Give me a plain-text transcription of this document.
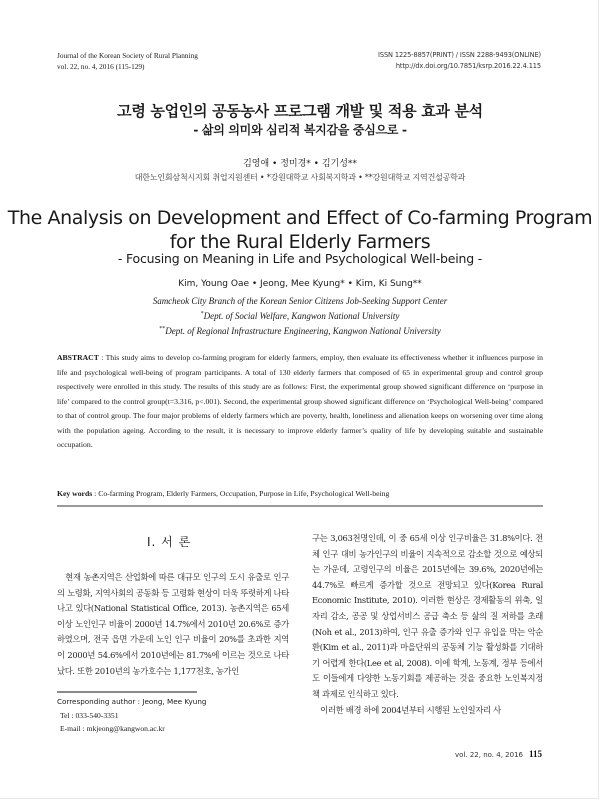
Journal of the Korean Society of Rural Planning
vol. 22, no. 4, 2016 (115-129)
ISSN 1225-8857(PRINT) / ISSN 2288-9493(ONLINE)
http://dx.doi.org/10.7851/ksrp.2016.22.4.115
고령 농업인의 공동농사 프로그램 개발 및 적용 효과 분석
- 삶의 의미와 심리적 복지감을 중심으로 -
김영애 • 정미경* • 김기성**
대한노인회삼척시지회 취업지원센터 • *강원대학교 사회복지학과 • **강원대학교 지역건설공학과
The Analysis on Development and Effect of Co-farming Program
for the Rural Elderly Farmers
- Focusing on Meaning in Life and Psychological Well-being -
Kim, Young Oae • Jeong, Mee Kyung* • Kim, Ki Sung**
Samcheok City Branch of the Korean Senior Citizens Job-Seeking Support Center
*Dept. of Social Welfare, Kangwon National University
**Dept. of Regional Infrastructure Engineering, Kangwon National University
ABSTRACT : This study aims to develop co-farming program for elderly farmers, employ, then evaluate its effectiveness whether it influences purpose in life and psychological well-being of program participants. A total of 130 elderly farmers that composed of 65 in experimental group and control group respectively were enrolled in this study. The results of this study are as follows: First, the experimental group showed significant difference on ‘purpose in life’ compared to the control group(t=3.316, p<.001). Second, the experimental group showed significant difference on ‘Psychological Well-being’ compared to that of control group. The four major problems of elderly farmers which are poverty, health, loneliness and alienation keeps on worsening over time along with the population ageing. According to the result, it is necessary to improve elderly farmer’s quality of life by developing suitable and sustainable occupation.
Key words : Co-farming Program, Elderly Farmers, Occupation, Purpose in Life, Psychological Well-being
I. 서 론

현재 농촌지역은 산업화에 따른 대규모 인구의 도시 유출로 인구의 노령화, 지역사회의 공동화 등 고령화 현상이 더욱 뚜렷하게 나타나고 있다(National Statistical Office, 2013). 농촌지역은 65세 이상 노인인구 비율이 2000년 14.7%에서 2010년 20.6%로 증가하였으며, 전국 읍면 가운데 노인 인구 비율이 20%를 초과한 지역이 2000년 54.6%에서 2010년에는 81.7%에 이르는 것으로 나타났다. 또한 2010년의 농가호수는 1,177천호, 농가인

구는 3,063천명인데, 이 중 65세 이상 인구비율은 31.8%이다. 전체 인구 대비 농가인구의 비율이 지속적으로 감소할 것으로 예상되는 가운데, 고령인구의 비율은 2015년에는 39.6%, 2020년에는 44.7%로 빠르게 증가할 것으로 전망되고 있다(Korea Rural Economic Institute, 2010). 이러한 현상은 경제활동의 위축, 일자리 감소, 공공 및 상업서비스 공급 축소 등 삶의 질 저하를 초래(Noh et al., 2013)하여, 인구 유출 증가와 인구 유입을 막는 악순환(Kim et al., 2011)과 마을단위의 공동체 기능 활성화를 기대하기 어렵게 한다(Lee et al, 2008). 이에 학계, 노동계, 정부 등에서도 이들에게 다양한 노동기회를 제공하는 것을 중요한 노인복지정책 과제로 인식하고 있다.

이러한 배경 하에 2004년부터 시행된 노인일자리 사

Corresponding author : Jeong, Mee Kyung
Tel : 033-540-3351
E-mail : mkjeong@kangwon.ac.kr
vol. 22, no. 4, 2016 115
